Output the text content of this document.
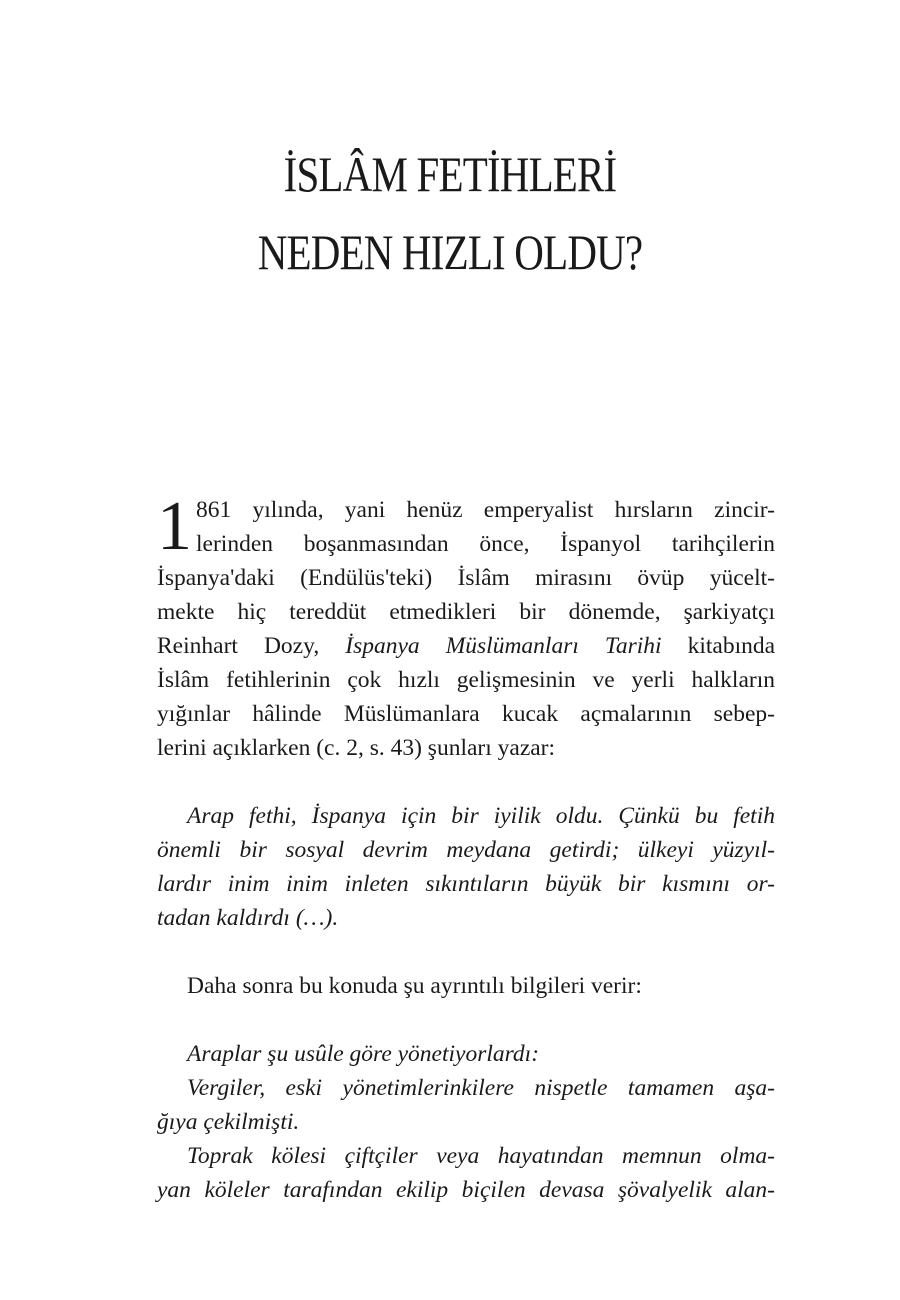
İSLÂM FETİHLERİ
NEDEN HIZLI OLDU?
1 861 yılında, yani henüz emperyalist hırsların zincir-
lerinden boşanmasından önce, İspanyol tarihçilerin
İspanya'daki (Endülüs'teki) İslâm mirasını övüp yücelt-
mekte hiç tereddüt etmedikleri bir dönemde, şarkiyatçı
Reinhart Dozy, İspanya Müslümanları Tarihi kitabında
İslâm fetihlerinin çok hızlı gelişmesinin ve yerli halkların
yığınlar hâlinde Müslümanlara kucak açmalarının sebep-
lerini açıklarken (c. 2, s. 43) şunları yazar:
Arap fethi, İspanya için bir iyilik oldu. Çünkü bu fetih
önemli bir sosyal devrim meydana getirdi; ülkeyi yüzyıl-
lardır inim inim inleten sıkıntıların büyük bir kısmını or-
tadan kaldırdı (…).
Daha sonra bu konuda şu ayrıntılı bilgileri verir:
Araplar şu usûle göre yönetiyorlardı:
Vergiler, eski yönetimlerinkilere nispetle tamamen aşa-
ğıya çekilmişti.
Toprak kölesi çiftçiler veya hayatından memnun olma-
yan köleler tarafından ekilip biçilen devasa şövalyelik alan-
